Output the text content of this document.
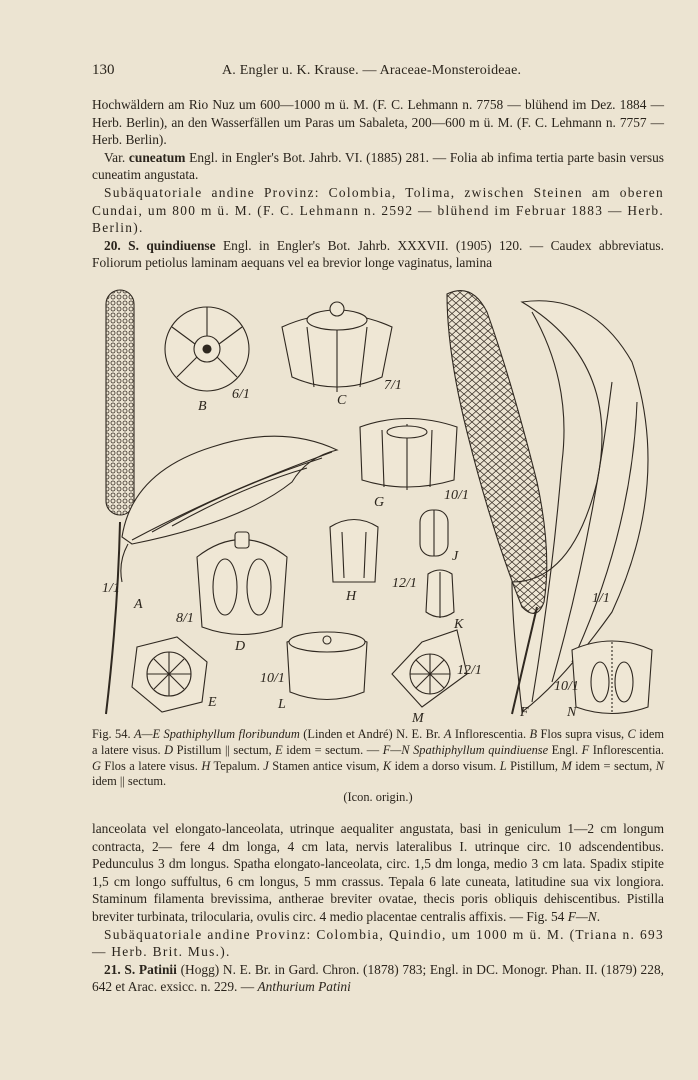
130	A. Engler u. K. Krause. — Araceae-Monsteroideae.

Hochwäldern am Rio Nuz um 600—1000 m ü. M. (F. C. Lehmann n. 7758 — blühend im Dez. 1884 — Herb. Berlin), an den Wasserfällen um Paras um Sabaleta, 200—600 m ü. M. (F. C. Lehmann n. 7757 — Herb. Berlin).

Var. cuneatum Engl. in Engler's Bot. Jahrb. VI. (1885) 281. — Folia ab infima tertia parte basin versus cuneatim angustata.

Subäquatoriale andine Provinz: Colombia, Tolima, zwischen Steinen am oberen Cundai, um 800 m ü. M. (F. C. Lehmann n. 2592 — blühend im Februar 1883 — Herb. Berlin).

20. S. quindiuense Engl. in Engler's Bot. Jahrb. XXXVII. (1905) 120. — Caudex abbreviatus. Foliorum petiolus laminam aequans vel ea brevior longe vaginatus, lamina

B
6/1	C
7/1
G	10/1
J
12/1
K
H
1/1
A
8/1
D
E
10/1
L
M
12/1
F
1/1
10/1
N
Fig. 54. A—E Spathiphyllum floribundum (Linden et André) N. E. Br. A Inflorescentia. B Flos supra visus, C idem a latere visus. D Pistillum || sectum, E idem = sectum. — F—N Spathiphyllum quindiuense Engl. F Inflorescentia. G Flos a latere visus. H Tepalum. J Stamen antice visum, K idem a dorso visum. L Pistillum, M idem = sectum, N idem || sectum.
(Icon. origin.)

lanceolata vel elongato-lanceolata, utrinque aequaliter angustata, basi in geniculum 1—2 cm longum contracta, 2— fere 4 dm longa, 4 cm lata, nervis lateralibus I. utrinque circ. 10 adscendentibus. Pedunculus 3 dm longus. Spatha elongato-lanceolata, circ. 1,5 dm longa, medio 3 cm lata. Spadix stipite 1,5 cm longo suffultus, 6 cm longus, 5 mm crassus. Tepala 6 late cuneata, latitudine sua vix longiora. Staminum filamenta brevissima, antherae breviter ovatae, thecis poris obliquis dehiscentibus. Pistilla breviter turbinata, trilocularia, ovulis circ. 4 medio placentae centralis affixis. — Fig. 54 F—N.

Subäquatoriale andine Provinz: Colombia, Quindio, um 1000 m ü. M. (Triana n. 693 — Herb. Brit. Mus.).

21. S. Patinii (Hogg) N. E. Br. in Gard. Chron. (1878) 783; Engl. in DC. Monogr. Phan. II. (1879) 228, 642 et Arac. exsicc. n. 229. — Anthurium Patini
